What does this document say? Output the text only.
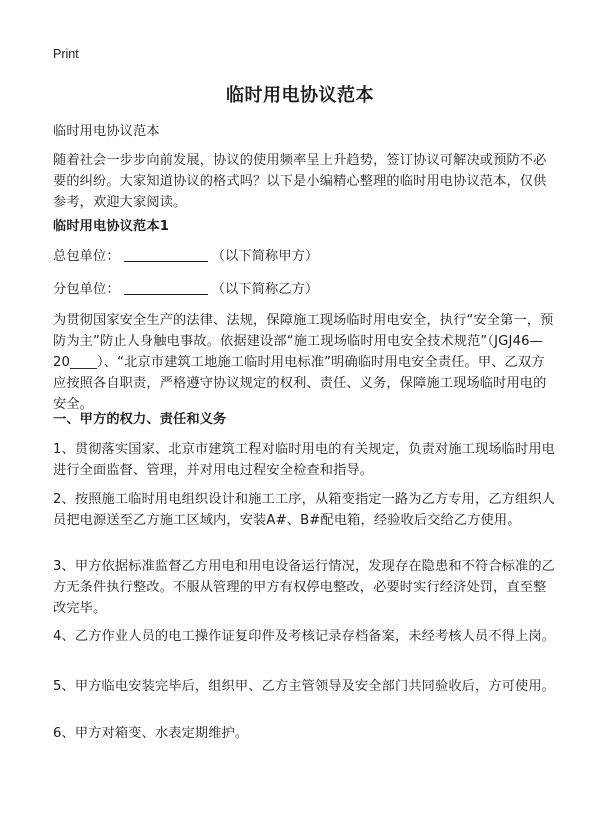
Print
临时用电协议范本
临时用电协议范本
随着社会一步步向前发展，协议的使用频率呈上升趋势，签订协议可解决或预防不必要的纠纷。大家知道协议的格式吗？以下是小编精心整理的临时用电协议范本，仅供参考，欢迎大家阅读。
临时用电协议范本1
总包单位：	（以下简称甲方）
分包单位：	（以下简称乙方）
为贯彻国家安全生产的法律、法规，保障施工现场临时用电安全，执行“安全第一，预防为主”防止人身触电事故。依据建设部“施工现场临时用电安全技术规范”（JGJ46—20____）、“北京市建筑工地施工临时用电标准”明确临时用电安全责任。甲、乙双方应按照各自职责，严格遵守协议规定的权利、责任、义务，保障施工现场临时用电的安全。
一、甲方的权力、责任和义务
1、贯彻落实国家、北京市建筑工程对临时用电的有关规定，负责对施工现场临时用电进行全面监督、管理，并对用电过程安全检查和指导。
2、按照施工临时用电组织设计和施工工序，从箱变指定一路为乙方专用，乙方组织人员把电源送至乙方施工区域内，安装A#、B#配电箱，经验收后交给乙方使用。
3、甲方依据标准监督乙方用电和用电设备运行情况，发现存在隐患和不符合标准的乙方无条件执行整改。不服从管理的甲方有权停电整改，必要时实行经济处罚，直至整改完毕。
4、乙方作业人员的电工操作证复印件及考核记录存档备案，未经考核人员不得上岗。
5、甲方临电安装完毕后，组织甲、乙方主管领导及安全部门共同验收后，方可使用。
6、甲方对箱变、水表定期维护。
